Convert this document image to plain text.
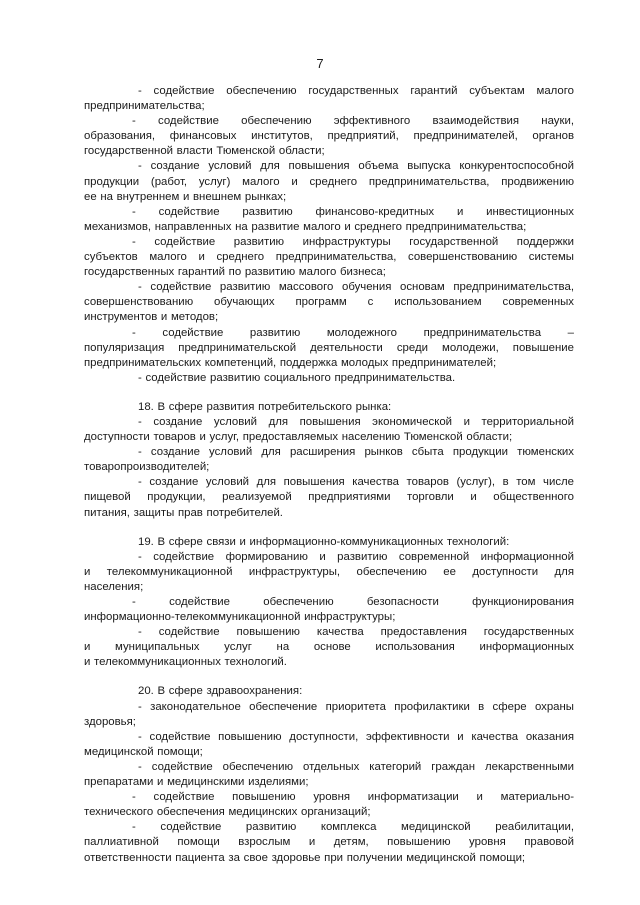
7
- содействие обеспечению государственных гарантий субъектам малого
предпринимательства;
- содействие обеспечению эффективного взаимодействия науки,
образования, финансовых институтов, предприятий, предпринимателей, органов
государственной власти Тюменской области;
- создание условий для повышения объема выпуска конкурентоспособной
продукции (работ, услуг) малого и среднего предпринимательства, продвижению
ее на внутреннем и внешнем рынках;
- содействие развитию финансово-кредитных и инвестиционных
механизмов, направленных на развитие малого и среднего предпринимательства;
- содействие развитию инфраструктуры государственной поддержки
субъектов малого и среднего предпринимательства, совершенствованию системы
государственных гарантий по развитию малого бизнеса;
- содействие развитию массового обучения основам предпринимательства,
совершенствованию обучающих программ с использованием современных
инструментов и методов;
- содействие развитию молодежного предпринимательства –
популяризация предпринимательской деятельности среди молодежи, повышение
предпринимательских компетенций, поддержка молодых предпринимателей;
- содействие развитию социального предпринимательства.
18. В сфере развития потребительского рынка:
- создание условий для повышения экономической и территориальной
доступности товаров и услуг, предоставляемых населению Тюменской области;
- создание условий для расширения рынков сбыта продукции тюменских
товаропроизводителей;
- создание условий для повышения качества товаров (услуг), в том числе
пищевой продукции, реализуемой предприятиями торговли и общественного
питания, защиты прав потребителей.
19. В сфере связи и информационно-коммуникационных технологий:
- содействие формированию и развитию современной информационной
и телекоммуникационной инфраструктуры, обеспечению ее доступности для
населения;
- содействие обеспечению безопасности функционирования
информационно-телекоммуникационной инфраструктуры;
- содействие повышению качества предоставления государственных
и муниципальных услуг на основе использования информационных
и телекоммуникационных технологий.
20. В сфере здравоохранения:
- законодательное обеспечение приоритета профилактики в сфере охраны
здоровья;
- содействие повышению доступности, эффективности и качества оказания
медицинской помощи;
- содействие обеспечению отдельных категорий граждан лекарственными
препаратами и медицинскими изделиями;
- содействие повышению уровня информатизации и материально-
технического обеспечения медицинских организаций;
- содействие развитию комплекса медицинской реабилитации,
паллиативной помощи взрослым и детям, повышению уровня правовой
ответственности пациента за свое здоровье при получении медицинской помощи;
